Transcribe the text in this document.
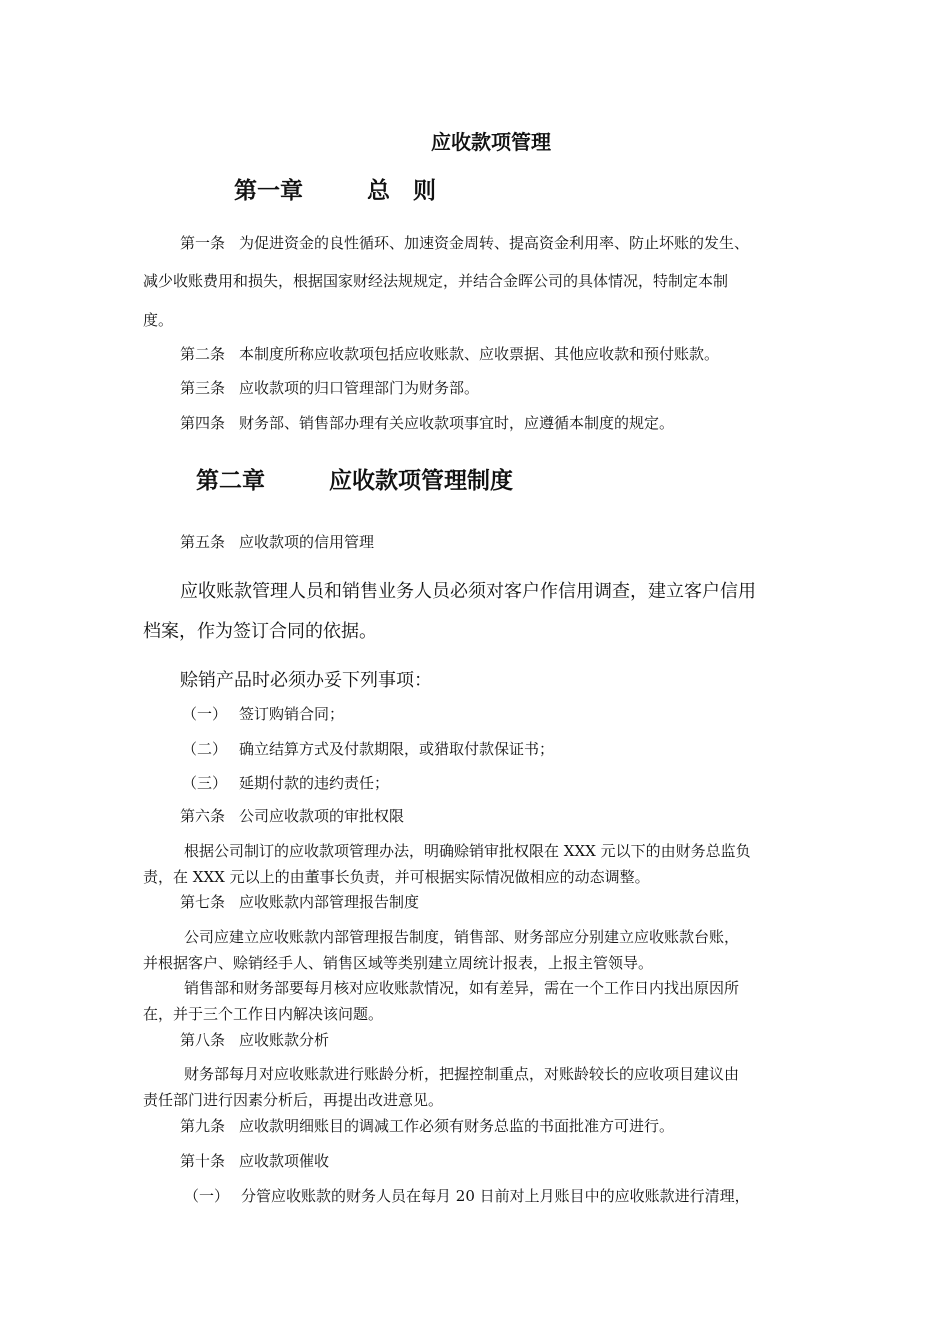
应收款项管理
第一章	总　则

第一条 为促进资金的良性循环、加速资金周转、提高资金利用率、防止坏账的发生、

减少收账费用和损失，根据国家财经法规规定，并结合金晖公司的具体情况，特制定本制

度。

第二条 本制度所称应收款项包括应收账款、应收票据、其他应收款和预付账款。

第三条 应收款项的归口管理部门为财务部。

第四条 财务部、销售部办理有关应收款项事宜时，应遵循本制度的规定。

第二章	应收款项管理制度

第五条 应收款项的信用管理

应收账款管理人员和销售业务人员必须对客户作信用调查，建立客户信用

档案，作为签订合同的依据。

赊销产品时必须办妥下列事项：

（一） 签订购销合同；

（二） 确立结算方式及付款期限，或猎取付款保证书；

（三） 延期付款的违约责任；

第六条 公司应收款项的审批权限

根据公司制订的应收款项管理办法，明确赊销审批权限在 XXX 元以下的由财务总监负

责，在 XXX 元以上的由董事长负责，并可根据实际情况做相应的动态调整。

第七条 应收账款内部管理报告制度

公司应建立应收账款内部管理报告制度，销售部、财务部应分别建立应收账款台账，

并根据客户、赊销经手人、销售区域等类别建立周统计报表，上报主管领导。

销售部和财务部要每月核对应收账款情况，如有差异，需在一个工作日内找出原因所

在，并于三个工作日内解决该问题。

第八条 应收账款分析

财务部每月对应收账款进行账龄分析，把握控制重点，对账龄较长的应收项目建议由

责任部门进行因素分析后，再提出改进意见。

第九条 应收款明细账目的调减工作必须有财务总监的书面批准方可进行。

第十条 应收款项催收

（一） 分管应收账款的财务人员在每月 20 日前对上月账目中的应收账款进行清理，
